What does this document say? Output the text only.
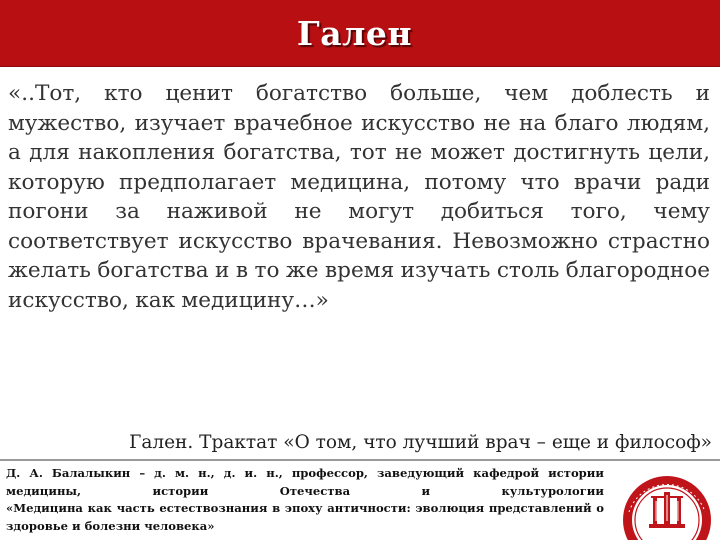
Гален
«..Тот, кто ценит богатство больше, чем доблесть и мужество, изучает врачебное искусство не на благо людям, а для накопления богатства, тот не может достигнуть цели, которую предполагает медицина, потому что врачи ради погони за наживой не могут добиться того, чему соответствует искусство врачевания. Невозможно страстно желать богатства и в то же время изучать столь благородное искусство, как медицину…»
Гален. Трактат «О том, что лучший врач – еще и философ»

Д. А. Балалыкин – д. м. н., д. и. н., профессор, заведующий кафедрой истории медицины, истории Отечества и культурологии

«Медицина как часть естествознания в эпоху античности: эволюция представлений о здоровье и болезни человека»
